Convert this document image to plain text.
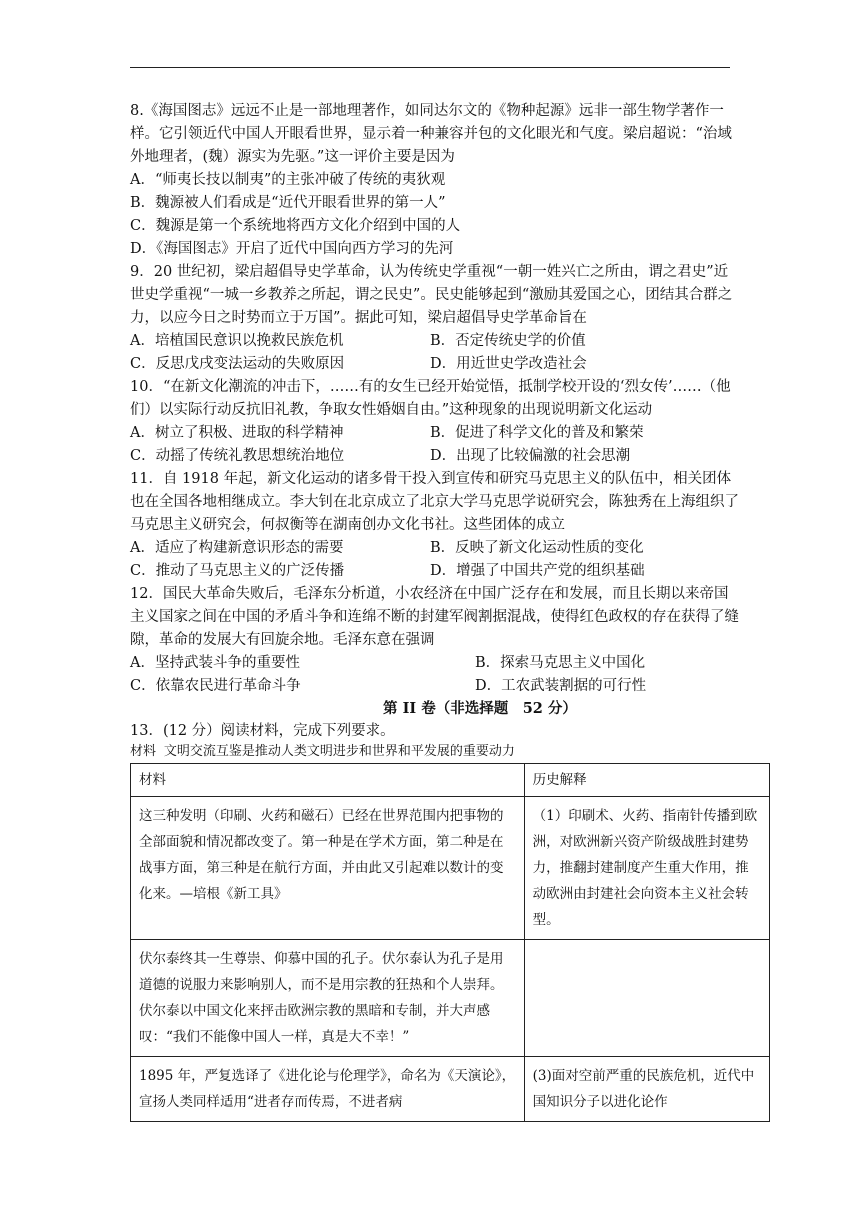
8.《海国图志》远远不止是一部地理著作，如同达尔文的《物种起源》远非一部生物学著作一样。它引领近代中国人开眼看世界，显示着一种兼容并包的文化眼光和气度。梁启超说：“治域外地理者，(魏）源实为先驱。”这一评价主要是因为

A．“师夷长技以制夷”的主张冲破了传统的夷狄观

B．魏源被人们看成是“近代开眼看世界的第一人”

C．魏源是第一个系统地将西方文化介绍到中国的人

D．《海国图志》开启了近代中国向西方学习的先河

9．20 世纪初，梁启超倡导史学革命，认为传统史学重视“一朝一姓兴亡之所由，谓之君史”近世史学重视“一城一乡教养之所起，谓之民史”。民史能够起到“激励其爱国之心，团结其合群之力，以应今日之时势而立于万国”。据此可知，梁启超倡导史学革命旨在

A．培植国民意识以挽救民族危机	B．否定传统史学的价值
C．反思戊戌变法运动的失败原因	D．用近世史学改造社会

10．“在新文化潮流的冲击下，……有的女生已经开始觉悟，抵制学校开设的‘烈女传’……（他们）以实际行动反抗旧礼教，争取女性婚姻自由。”这种现象的出现说明新文化运动

A．树立了积极、进取的科学精神	B．促进了科学文化的普及和繁荣
C．动摇了传统礼教思想统治地位	D．出现了比较偏激的社会思潮

11．自 1918 年起，新文化运动的诸多骨干投入到宣传和研究马克思主义的队伍中，相关团体也在全国各地相继成立。李大钊在北京成立了北京大学马克思学说研究会，陈独秀在上海组织了马克思主义研究会，何叔衡等在湖南创办文化书社。这些团体的成立

A．适应了构建新意识形态的需要	B．反映了新文化运动性质的变化
C．推动了马克思主义的广泛传播	D．增强了中国共产党的组织基础

12．国民大革命失败后，毛泽东分析道，小农经济在中国广泛存在和发展，而且长期以来帝国主义国家之间在中国的矛盾斗争和连绵不断的封建军阀割据混战，使得红色政权的存在获得了缝隙，革命的发展大有回旋余地。毛泽东意在强调

A．坚持武装斗争的重要性	B．探索马克思主义中国化
C．依靠农民进行革命斗争	D．工农武装割据的可行性
第 II 卷（非选择题　52 分）

13．(12 分）阅读材料，完成下列要求。

材料 文明交流互鉴是推动人类文明进步和世界和平发展的重要动力

材料	历史解释
这三种发明（印刷、火药和磁石）已经在世界范围内把事物的全部面貌和情况都改变了。第一种是在学术方面，第二种是在战事方面，第三种是在航行方面，并由此又引起难以数计的变化来。—培根《新工具》	（1）印刷术、火药、指南针传播到欧洲，对欧洲新兴资产阶级战胜封建势力，推翻封建制度产生重大作用，推动欧洲由封建社会向资本主义社会转型。
伏尔泰终其一生尊崇、仰慕中国的孔子。伏尔泰认为孔子是用道德的说服力来影响别人，而不是用宗教的狂热和个人崇拜。伏尔泰以中国文化来抨击欧洲宗教的黑暗和专制，并大声感叹：“我们不能像中国人一样，真是大不幸！”	
1895 年，严复选译了《进化论与伦理学》，命名为《天演论》，宣扬人类同样适用“进者存而传焉，不进者病	(3)面对空前严重的民族危机，近代中国知识分子以进化论作
